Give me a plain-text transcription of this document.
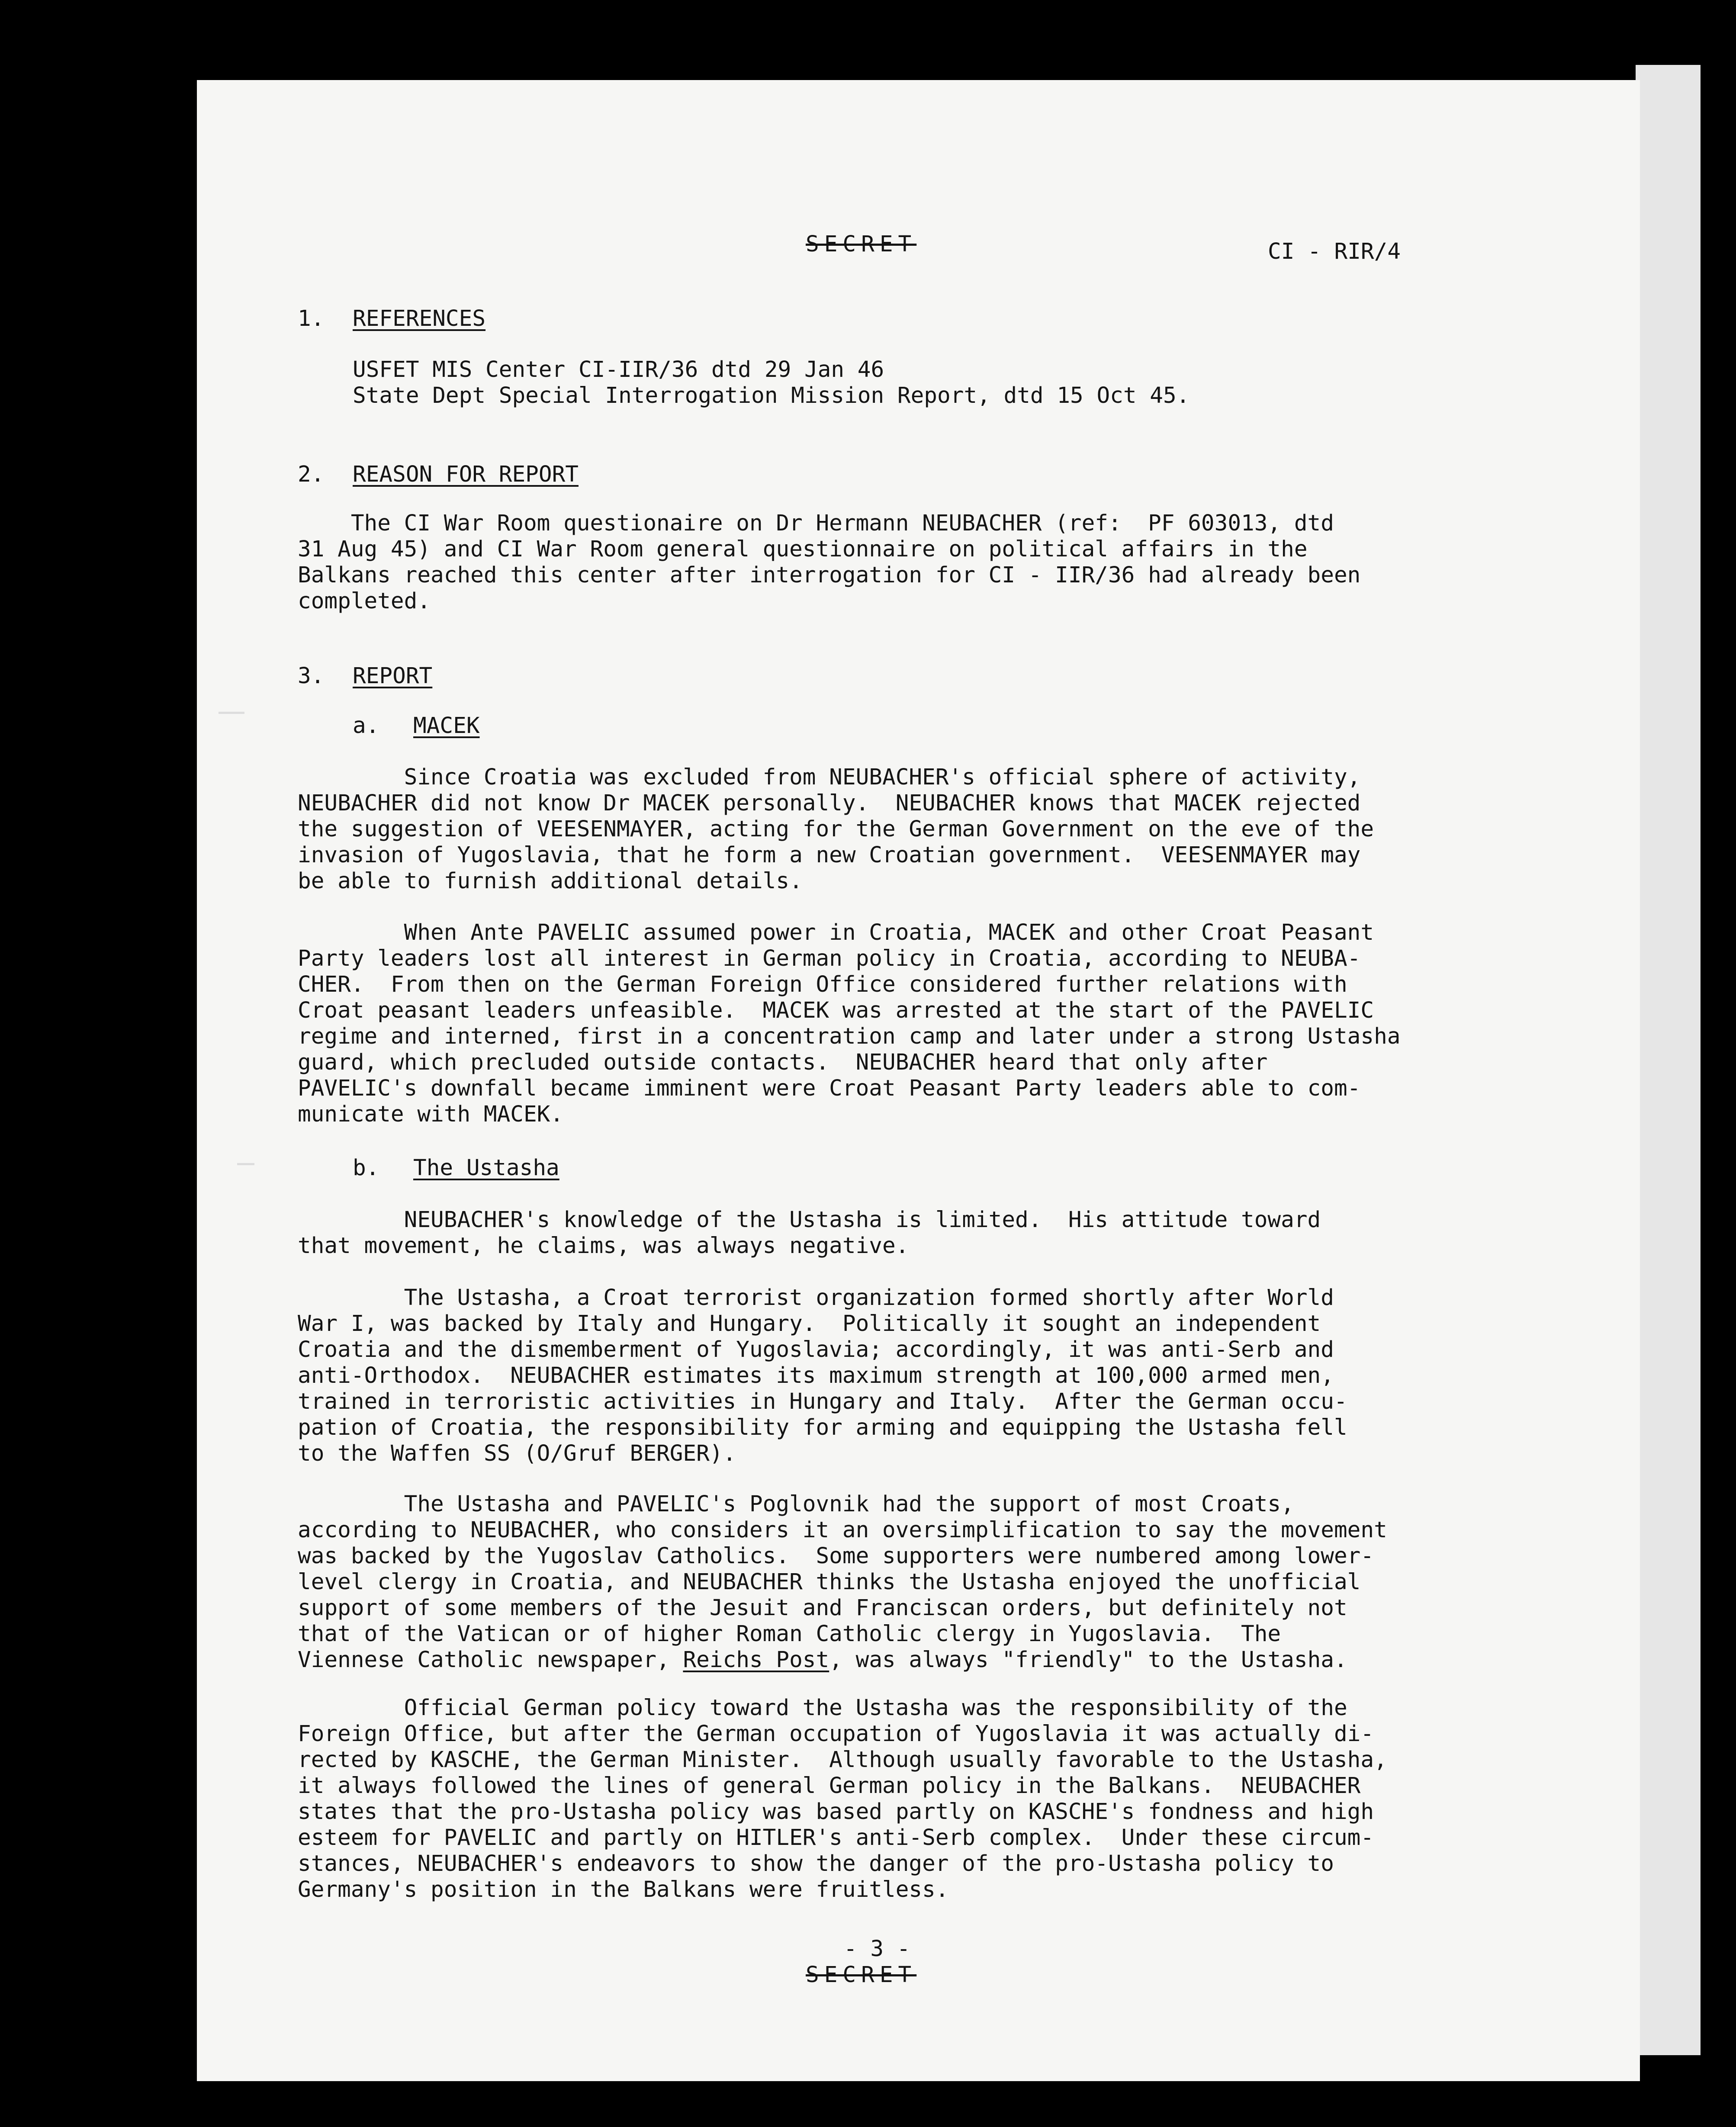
SECRET	CI - RIR/4
1. REFERENCES
USFET MIS Center CI-IIR/36 dtd 29 Jan 46
State Dept Special Interrogation Mission Report, dtd 15 Oct 45.
2. REASON FOR REPORT

The CI War Room questionaire on Dr Hermann NEUBACHER (ref:  PF 603013, dtd

31 Aug 45) and CI War Room general questionnaire on political affairs in the

Balkans reached this center after interrogation for CI - IIR/36 had already been

completed.

3. REPORT
a. MACEK

Since Croatia was excluded from NEUBACHER's official sphere of activity,

NEUBACHER did not know Dr MACEK personally.  NEUBACHER knows that MACEK rejected

the suggestion of VEESENMAYER, acting for the German Government on the eve of the

invasion of Yugoslavia, that he form a new Croatian government.  VEESENMAYER may

be able to furnish additional details.

When Ante PAVELIC assumed power in Croatia, MACEK and other Croat Peasant

Party leaders lost all interest in German policy in Croatia, according to NEUBA-

CHER.  From then on the German Foreign Office considered further relations with

Croat peasant leaders unfeasible.  MACEK was arrested at the start of the PAVELIC

regime and interned, first in a concentration camp and later under a strong Ustasha

guard, which precluded outside contacts.  NEUBACHER heard that only after

PAVELIC's downfall became imminent were Croat Peasant Party leaders able to com-

municate with MACEK.

b. The Ustasha

NEUBACHER's knowledge of the Ustasha is limited.  His attitude toward

that movement, he claims, was always negative.

The Ustasha, a Croat terrorist organization formed shortly after World

War I, was backed by Italy and Hungary.  Politically it sought an independent

Croatia and the dismemberment of Yugoslavia; accordingly, it was anti-Serb and

anti-Orthodox.  NEUBACHER estimates its maximum strength at 100,000 armed men,

trained in terroristic activities in Hungary and Italy.  After the German occu-

pation of Croatia, the responsibility for arming and equipping the Ustasha fell

to the Waffen SS (O/Gruf BERGER).

The Ustasha and PAVELIC's Poglovnik had the support of most Croats,

according to NEUBACHER, who considers it an oversimplification to say the movement

was backed by the Yugoslav Catholics.  Some supporters were numbered among lower-

level clergy in Croatia, and NEUBACHER thinks the Ustasha enjoyed the unofficial

support of some members of the Jesuit and Franciscan orders, but definitely not

that of the Vatican or of higher Roman Catholic clergy in Yugoslavia.  The

Viennese Catholic newspaper, Reichs Post, was always "friendly" to the Ustasha.

Official German policy toward the Ustasha was the responsibility of the

Foreign Office, but after the German occupation of Yugoslavia it was actually di-

rected by KASCHE, the German Minister.  Although usually favorable to the Ustasha,

it always followed the lines of general German policy in the Balkans.  NEUBACHER

states that the pro-Ustasha policy was based partly on KASCHE's fondness and high

esteem for PAVELIC and partly on HITLER's anti-Serb complex.  Under these circum-

stances, NEUBACHER's endeavors to show the danger of the pro-Ustasha policy to

Germany's position in the Balkans were fruitless.

- 3 -
SECRET
